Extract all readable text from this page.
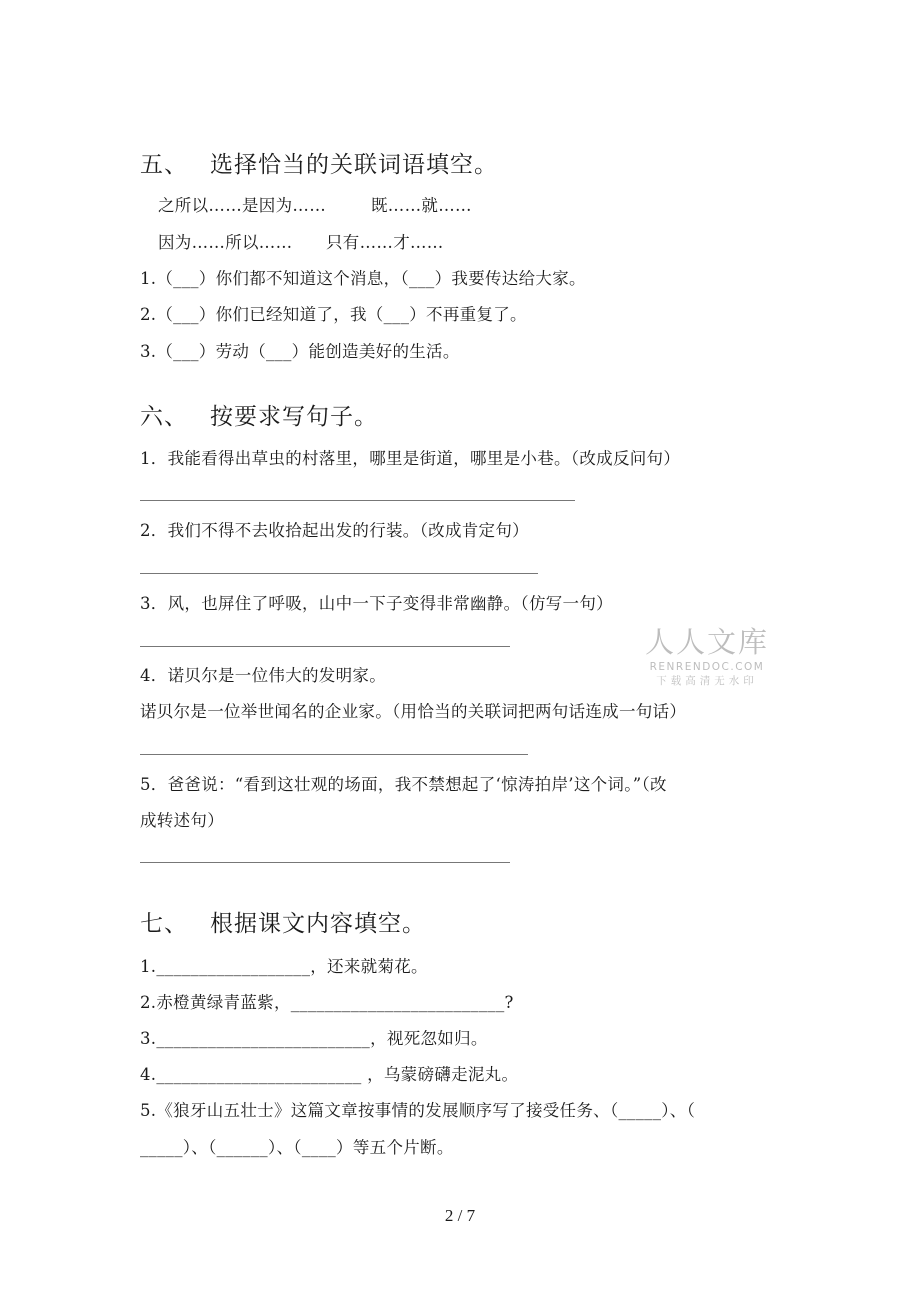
五、 选择恰当的关联词语填空。
之所以……是因为……	既……就……
因为……所以…… 只有……才……
1.（___）你们都不知道这个消息，（___）我要传达给大家。
2.（___）你们已经知道了，我（___）不再重复了。
3.（___）劳动（___）能创造美好的生活。
六、 按要求写句子。
1．我能看得出草虫的村落里，哪里是街道，哪里是小巷。（改成反问句）
2．我们不得不去收拾起出发的行装。（改成肯定句）
3．风，也屏住了呼吸，山中一下子变得非常幽静。（仿写一句）
4．诺贝尔是一位伟大的发明家。
诺贝尔是一位举世闻名的企业家。（用恰当的关联词把两句话连成一句话）
5．爸爸说：“看到这壮观的场面，我不禁想起了‘惊涛拍岸’这个词。”（改
成转述句）
七、 根据课文内容填空。
1.__________________，还来就菊花。
2.赤橙黄绿青蓝紫，_________________________?
3._________________________，视死忽如归。
4.________________________ ，乌蒙磅礴走泥丸。
5.《狼牙山五壮士》这篇文章按事情的发展顺序写了接受任务、（_____）、（
_____）、（______）、（____）等五个片断。
人人文库
RENRENDOC.COM
下载高清无水印
2 / 7
